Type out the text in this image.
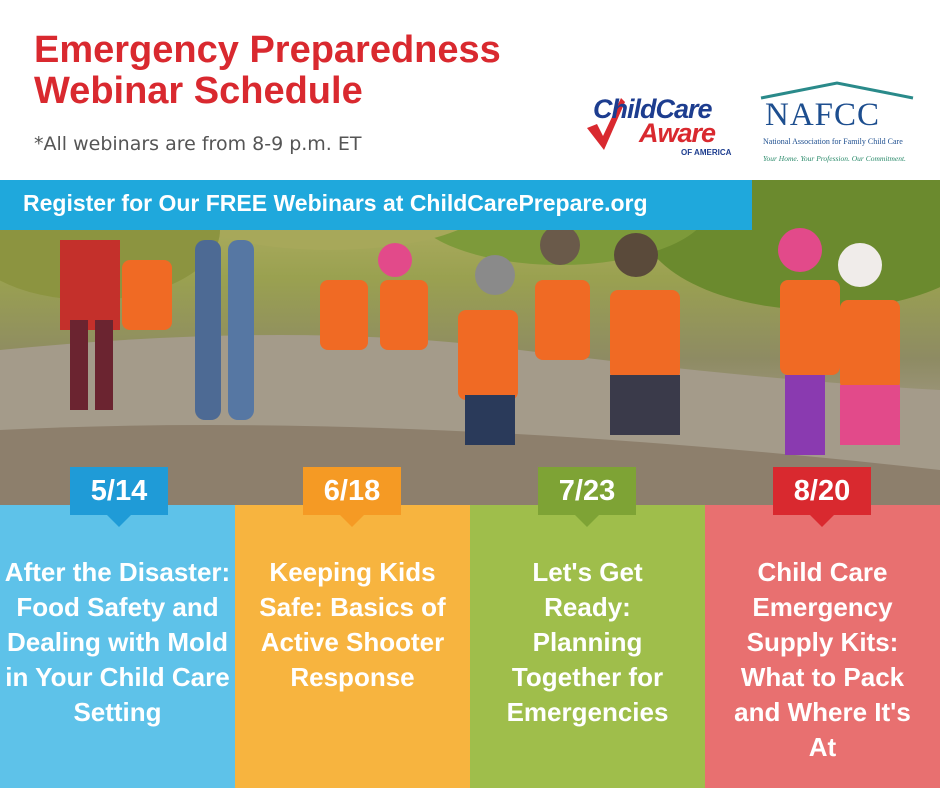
Emergency Preparedness
Webinar Schedule
*All webinars are from 8-9 p.m. ET
ChildCare
Aware
OF AMERICA
NAFCC
National Association for Family Child Care
Your Home. Your Profession. Our Commitment.
Register for Our FREE Webinars at ChildCarePrepare.org
5/14
After the Disaster: Food Safety and Dealing with Mold in Your Child Care Setting
6/18
Keeping Kids Safe: Basics of Active Shooter Response
7/23
Let's Get Ready: Planning Together for Emergencies
8/20
Child Care Emergency Supply Kits: What to Pack and Where It's At
